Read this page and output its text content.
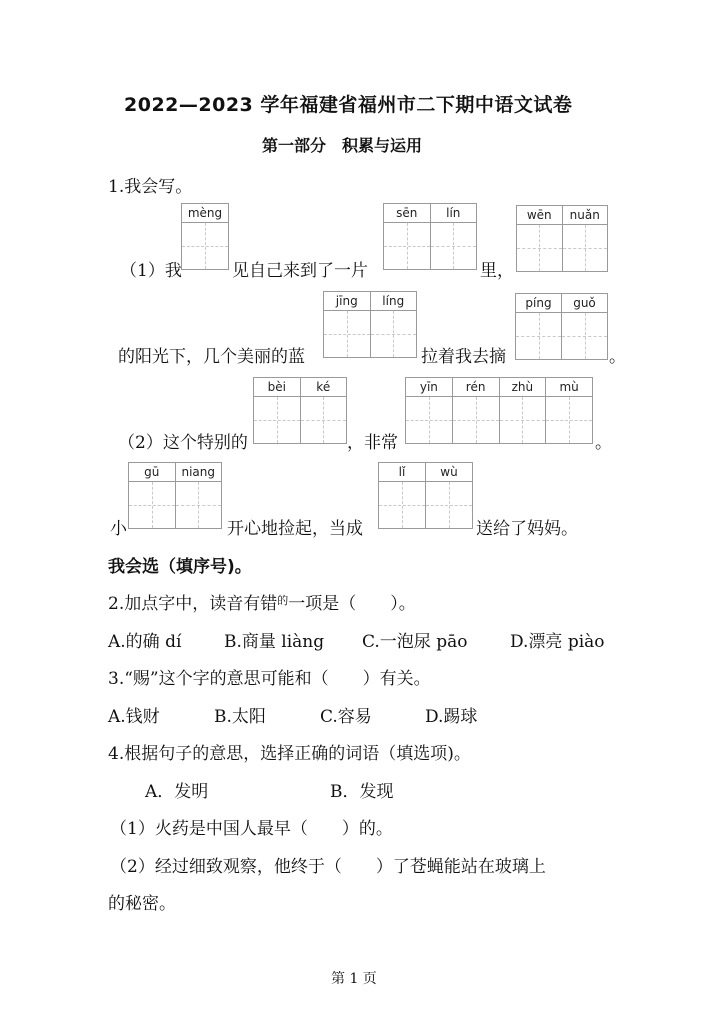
2022—2023 学年福建省福州市二下期中语文试卷
第一部分　积累与运用
1.我会写。
mèng	sēn	lín	wēn	nuǎn
（1）我	见自己来到了一片	里，
jīng	líng	píng	guǒ
的阳光下，几个美丽的蓝	拉着我去摘	。
bèi	ké	yīn	rén	zhù	mù
（2）这个特别的	，非常	。
gū	niang	lǐ	wù
小	开心地捡起，当成	送给了妈妈。
我会选（填序号)。
2.加点字中，读音有错$^的$一项是（　　）。
A.的确 dí	B.商量 liàng C.一泡尿 pāo	D.漂亮 piào
3.“赐”这个字的意思可能和（　　）有关。
A.钱财	B.太阳	C.容易	D.踢球
4.根据句子的意思，选择正确的词语（填选项)。
A．发明	B．发现
（1）火药是中国人最早（　　）的。
（2）经过细致观察，他终于（　　）了苍蝇能站在玻璃上
的秘密。
第 1 页
